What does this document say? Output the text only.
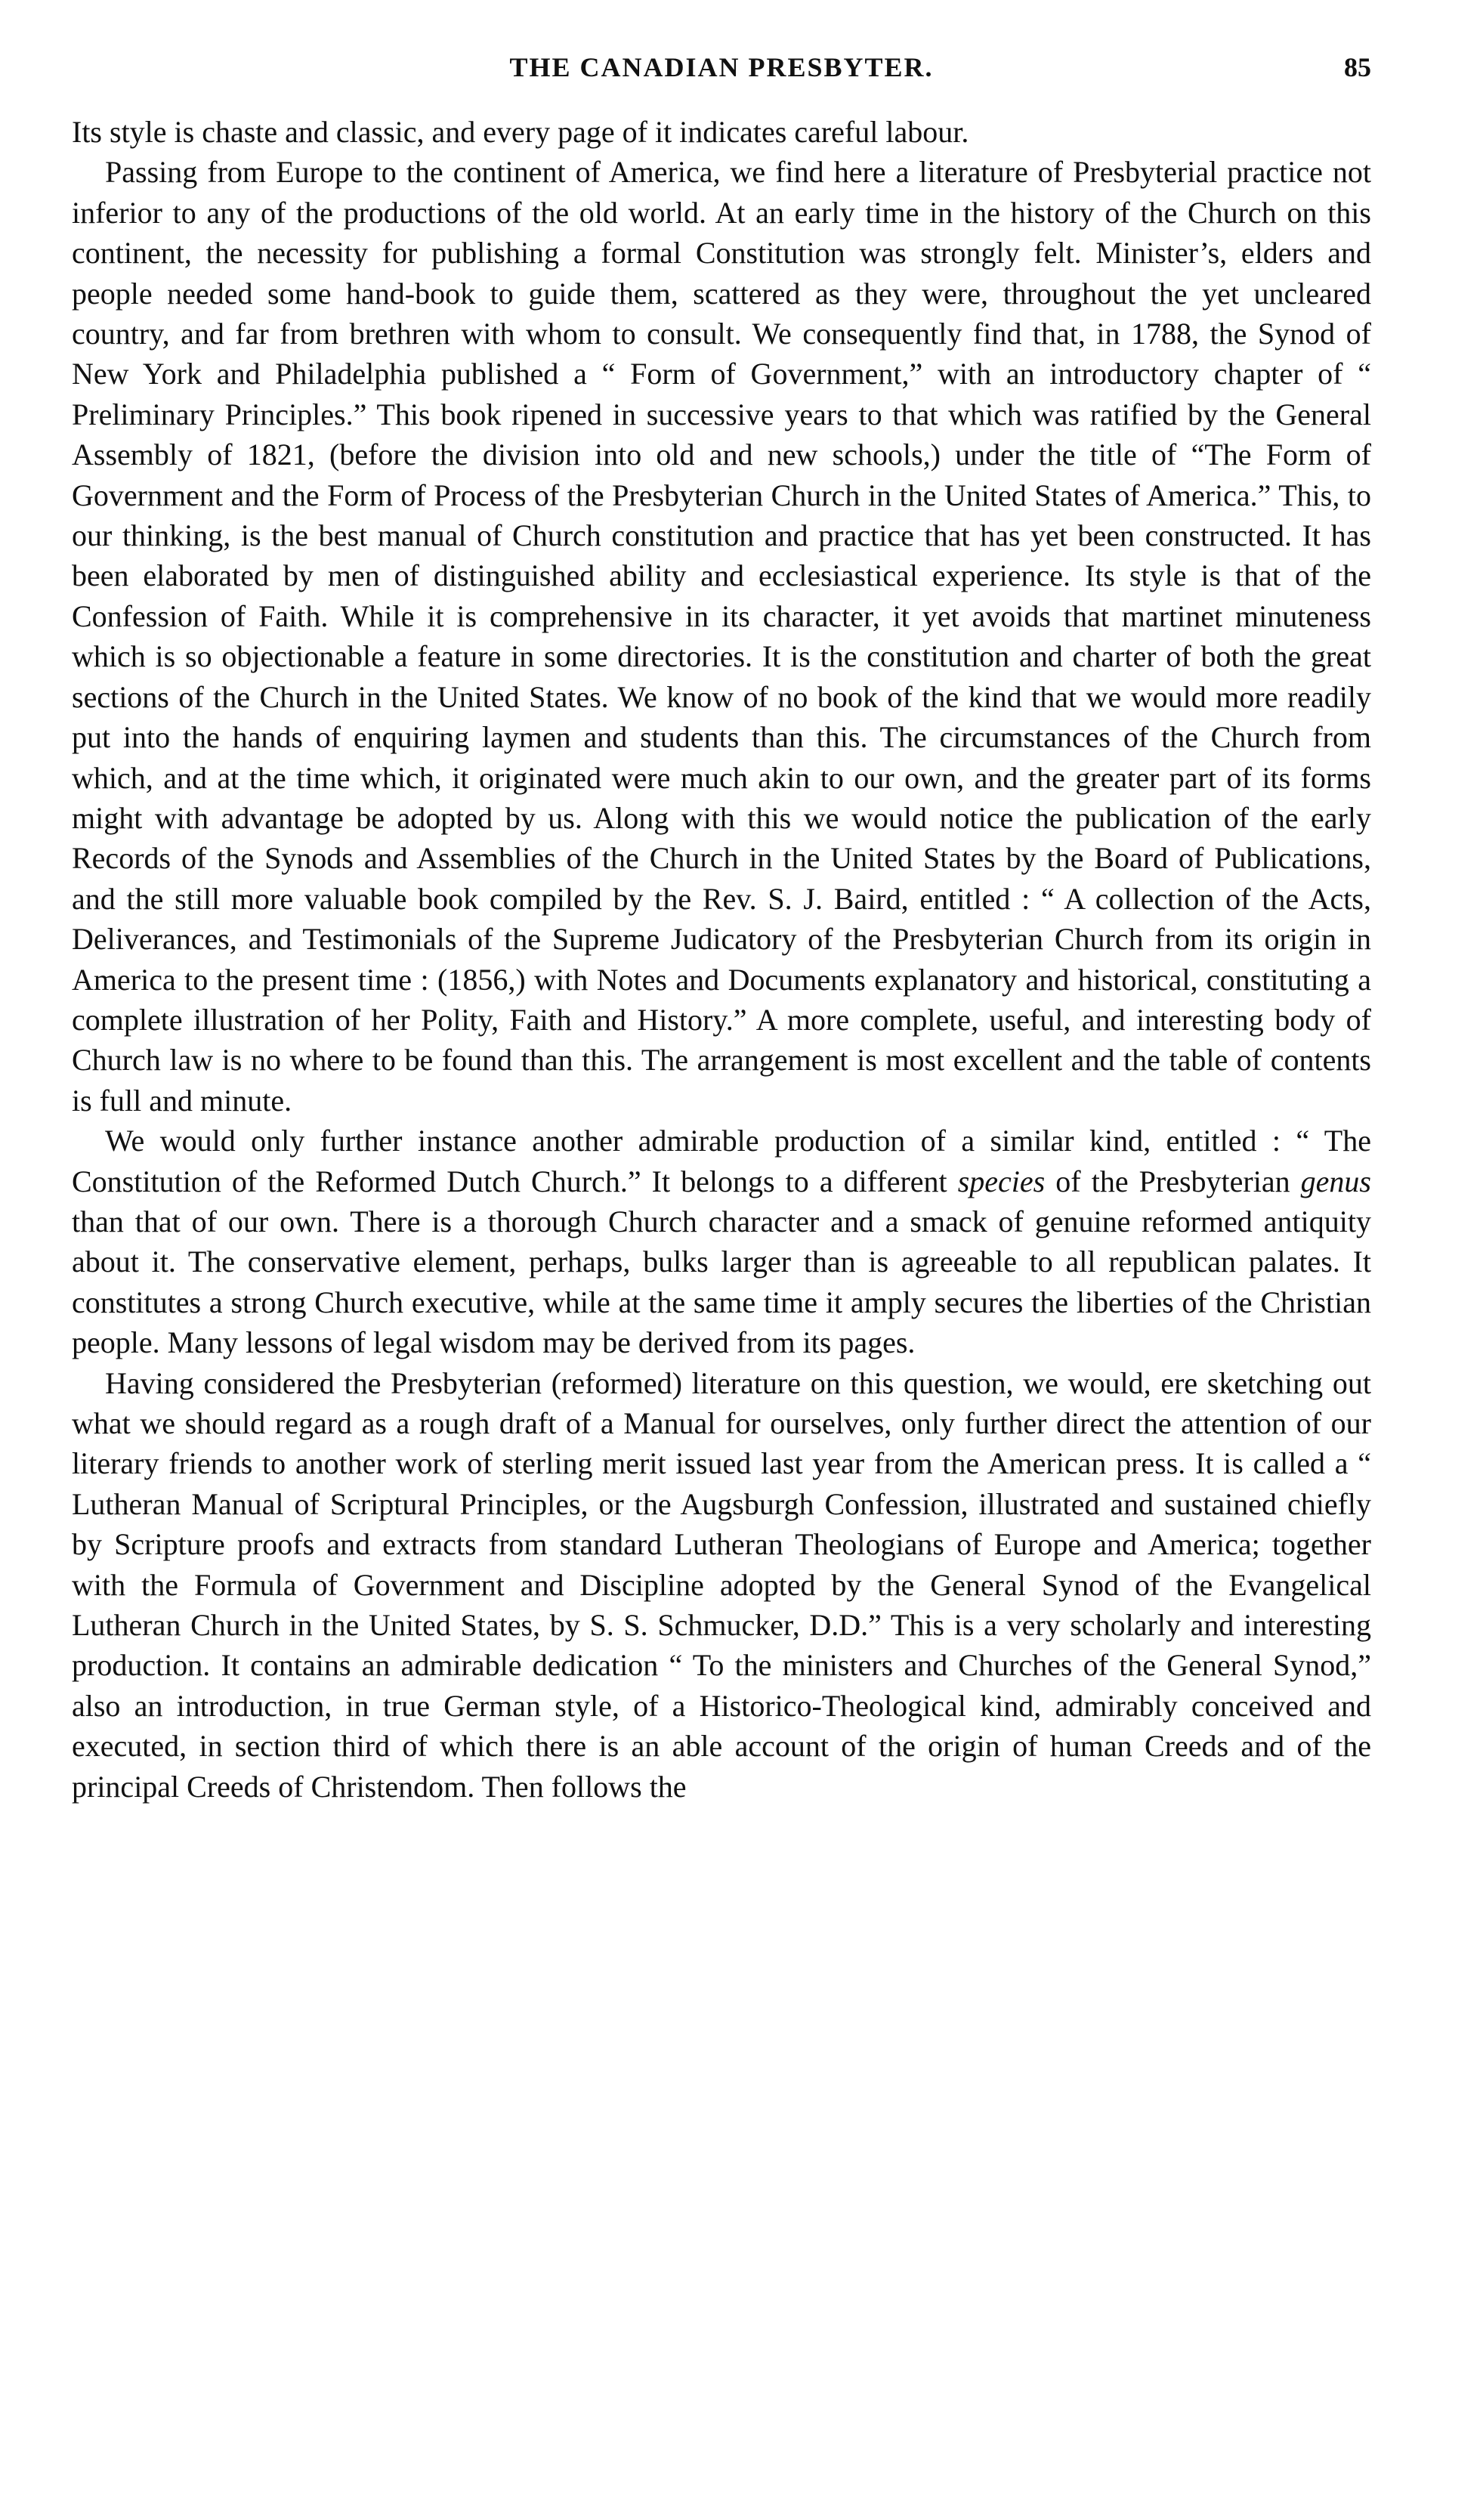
THE CANADIAN PRESBYTER.	85

Its style is chaste and classic, and every page of it indicates careful labour.

Passing from Europe to the continent of America, we find here a literature of Presbyterial practice not inferior to any of the productions of the old world. At an early time in the history of the Church on this continent, the necessity for publishing a formal Constitution was strongly felt. Minister’s, elders and people needed some hand-book to guide them, scattered as they were, throughout the yet uncleared country, and far from brethren with whom to consult. We consequently find that, in 1788, the Synod of New York and Philadelphia published a “ Form of Government,” with an introductory chapter of “ Preliminary Principles.” This book ripened in successive years to that which was ratified by the General Assembly of 1821, (before the division into old and new schools,) under the title of “The Form of Government and the Form of Process of the Presbyterian Church in the United States of America.” This, to our thinking, is the best manual of Church constitution and practice that has yet been constructed. It has been elaborated by men of distinguished ability and ecclesiastical experience. Its style is that of the Confession of Faith. While it is comprehensive in its character, it yet avoids that martinet minuteness which is so objectionable a feature in some directories. It is the constitution and charter of both the great sections of the Church in the United States. We know of no book of the kind that we would more readily put into the hands of enquiring laymen and students than this. The circumstances of the Church from which, and at the time which, it originated were much akin to our own, and the greater part of its forms might with advantage be adopted by us. Along with this we would notice the publication of the early Records of the Synods and Assemblies of the Church in the United States by the Board of Publications, and the still more valuable book compiled by the Rev. S. J. Baird, entitled : “ A collection of the Acts, Deliverances, and Testimonials of the Supreme Judicatory of the Presbyterian Church from its origin in America to the present time : (1856,) with Notes and Documents explanatory and historical, constituting a complete illustration of her Polity, Faith and History.” A more complete, useful, and interesting body of Church law is no where to be found than this. The arrangement is most excellent and the table of contents is full and minute.

We would only further instance another admirable production of a similar kind, entitled : “ The Constitution of the Reformed Dutch Church.” It belongs to a different species of the Presbyterian genus than that of our own. There is a thorough Church character and a smack of genuine reformed antiquity about it. The conservative element, perhaps, bulks larger than is agreeable to all republican palates. It constitutes a strong Church executive, while at the same time it amply secures the liberties of the Christian people. Many lessons of legal wisdom may be derived from its pages.

Having considered the Presbyterian (reformed) literature on this question, we would, ere sketching out what we should regard as a rough draft of a Manual for ourselves, only further direct the attention of our literary friends to another work of sterling merit issued last year from the American press. It is called a “ Lutheran Manual of Scriptural Principles, or the Augsburgh Confession, illustrated and sustained chiefly by Scripture proofs and extracts from standard Lutheran Theologians of Europe and America; together with the Formula of Government and Discipline adopted by the General Synod of the Evangelical Lutheran Church in the United States, by S. S. Schmucker, D.D.” This is a very scholarly and interesting production. It contains an admirable dedication “ To the ministers and Churches of the General Synod,” also an introduction, in true German style, of a Historico-Theological kind, admirably conceived and executed, in section third of which there is an able account of the origin of human Creeds and of the principal Creeds of Christendom. Then follows the
